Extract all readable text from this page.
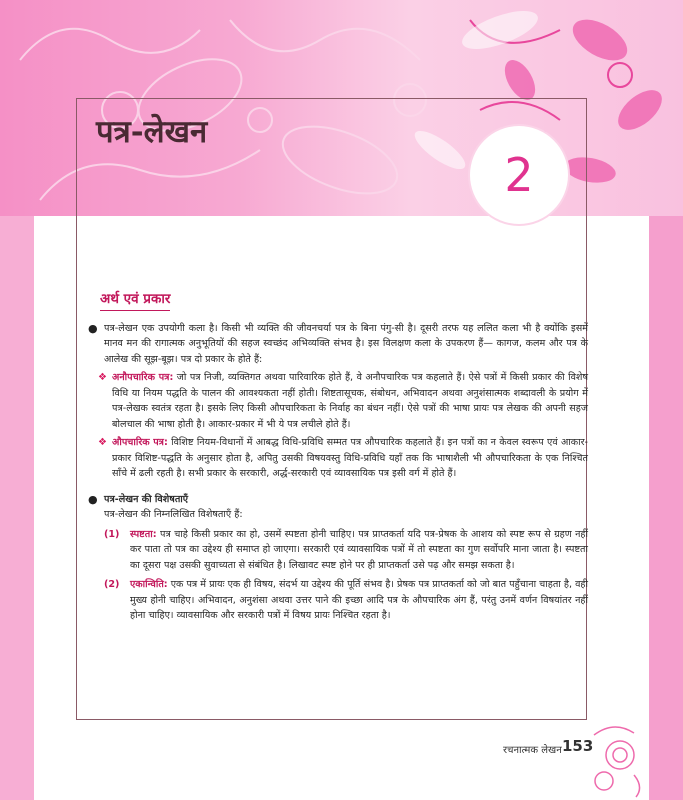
पत्र-लेखन
2
अर्थ एवं प्रकार
● पत्र-लेखन एक उपयोगी कला है। किसी भी व्यक्ति की जीवनचर्या पत्र के बिना पंगु-सी है। दूसरी तरफ यह ललित कला भी है क्योंकि इसमें मानव मन की रागात्मक अनुभूतियों की सहज स्वच्छंद अभिव्यक्ति संभव है। इस विलक्षण कला के उपकरण हैं— कागज, कलम और पत्र के आलेख की सूझ-बूझ। पत्र दो प्रकार के होते हैं:
❖ अनौपचारिक पत्र: जो पत्र निजी, व्यक्तिगत अथवा पारिवारिक होते हैं, वे अनौपचारिक पत्र कहलाते हैं। ऐसे पत्रों में किसी प्रकार की विशेष विधि या नियम पद्धति के पालन की आवश्यकता नहीं होती। शिष्टतासूचक, संबोधन, अभिवादन अथवा अनुशंसात्मक शब्दावली के प्रयोग में पत्र-लेखक स्वतंत्र रहता है। इसके लिए किसी औपचारिकता के निर्वाह का बंधन नहीं। ऐसे पत्रों की भाषा प्रायः पत्र लेखक की अपनी सहज बोलचाल की भाषा होती है। आकार-प्रकार में भी ये पत्र लचीले होते हैं।
❖ औपचारिक पत्र: विशिष्ट नियम-विधानों में आबद्ध विधि-प्रविधि सम्मत पत्र औपचारिक कहलाते हैं। इन पत्रों का न केवल स्वरूप एवं आकार-प्रकार विशिष्ट-पद्धति के अनुसार होता है, अपितु उसकी विषयवस्तु विधि-प्रविधि यहाँ तक कि भाषाशैली भी औपचारिकता के एक निश्चित साँचे में ढली रहती है। सभी प्रकार के सरकारी, अर्द्ध-सरकारी एवं व्यावसायिक पत्र इसी वर्ग में होते हैं।
● पत्र-लेखन की विशेषताएँ
पत्र-लेखन की निम्नलिखित विशेषताएँ हैं:
(1)	स्पष्टता: पत्र चाहे किसी प्रकार का हो, उसमें स्पष्टता होनी चाहिए। पत्र प्राप्तकर्ता यदि पत्र-प्रेषक के आशय को स्पष्ट रूप से ग्रहण नहीं कर पाता तो पत्र का उद्देश्य ही समाप्त हो जाएगा। सरकारी एवं व्यावसायिक पत्रों में तो स्पष्टता का गुण सर्वोपरि माना जाता है। स्पष्टता का दूसरा पक्ष उसकी सुवाच्यता से संबंधित है। लिखावट स्पष्ट होने पर ही प्राप्तकर्ता उसे पढ़ और समझ सकता है।
(2)	एकान्विति: एक पत्र में प्रायः एक ही विषय, संदर्भ या उद्देश्य की पूर्ति संभव है। प्रेषक पत्र प्राप्तकर्ता को जो बात पहुँचाना चाहता है, वही मुख्य होनी चाहिए। अभिवादन, अनुशंसा अथवा उत्तर पाने की इच्छा आदि पत्र के औपचारिक अंग हैं, परंतु उनमें वर्णन विषयांतर नहीं होना चाहिए। व्यावसायिक और सरकारी पत्रों में विषय प्रायः निश्चित रहता है।
रचनात्मक लेखन 153
